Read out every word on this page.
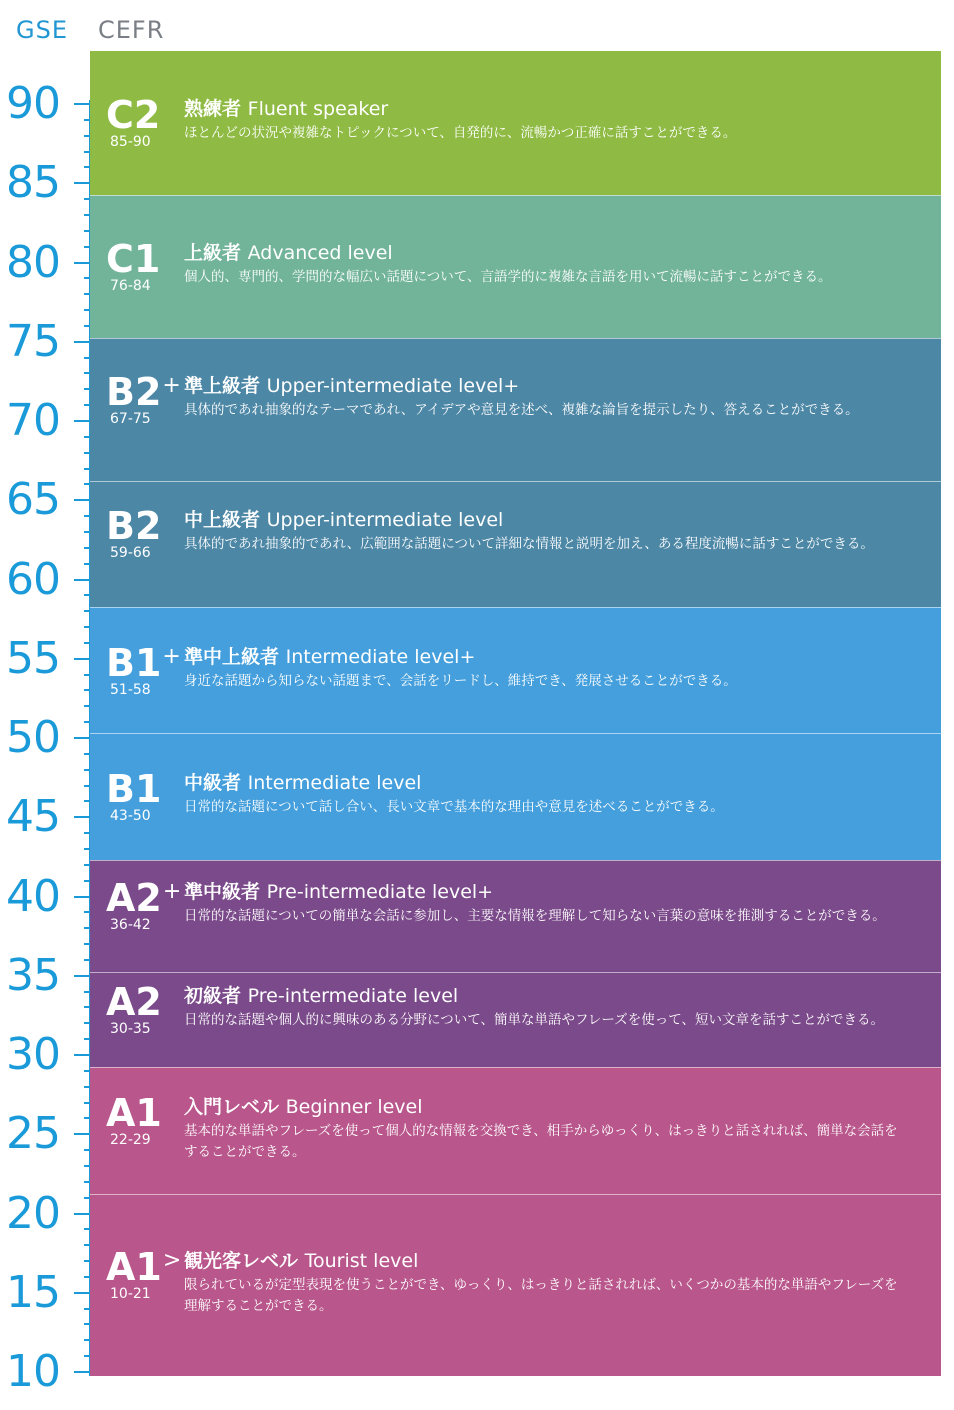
GSE CEFR
90
85
80
75
70
65
60
55
50
45
40
35
30
25
20
15
10
C2
85-90
熟練者 Fluent speaker
ほとんどの状況や複雑なトピックについて、自発的に、流暢かつ正確に話すことができる。
C1
76-84
上級者 Advanced level
個人的、専門的、学問的な幅広い話題について、言語学的に複雑な言語を用いて流暢に話すことができる。
B2+
67-75
準上級者 Upper-intermediate level+
具体的であれ抽象的なテーマであれ、アイデアや意見を述べ、複雑な論旨を提示したり、答えることができる。
B2
59-66
中上級者 Upper-intermediate level
具体的であれ抽象的であれ、広範囲な話題について詳細な情報と説明を加え、ある程度流暢に話すことができる。
B1+
51-58
準中上級者 Intermediate level+
身近な話題から知らない話題まで、会話をリードし、維持でき、発展させることができる。
B1
43-50
中級者 Intermediate level
日常的な話題について話し合い、長い文章で基本的な理由や意見を述べることができる。
A2+
36-42
準中級者 Pre-intermediate level+
日常的な話題についての簡単な会話に参加し、主要な情報を理解して知らない言葉の意味を推測することができる。
A2
30-35
初級者 Pre-intermediate level
日常的な話題や個人的に興味のある分野について、簡単な単語やフレーズを使って、短い文章を話すことができる。
A1
22-29
入門レベル Beginner level
基本的な単語やフレーズを使って個人的な情報を交換でき、相手からゆっくり、はっきりと話されれば、簡単な会話をすることができる。
A1>
10-21
観光客レベル Tourist level
限られているが定型表現を使うことができ、ゆっくり、はっきりと話されれば、いくつかの基本的な単語やフレーズを理解することができる。
